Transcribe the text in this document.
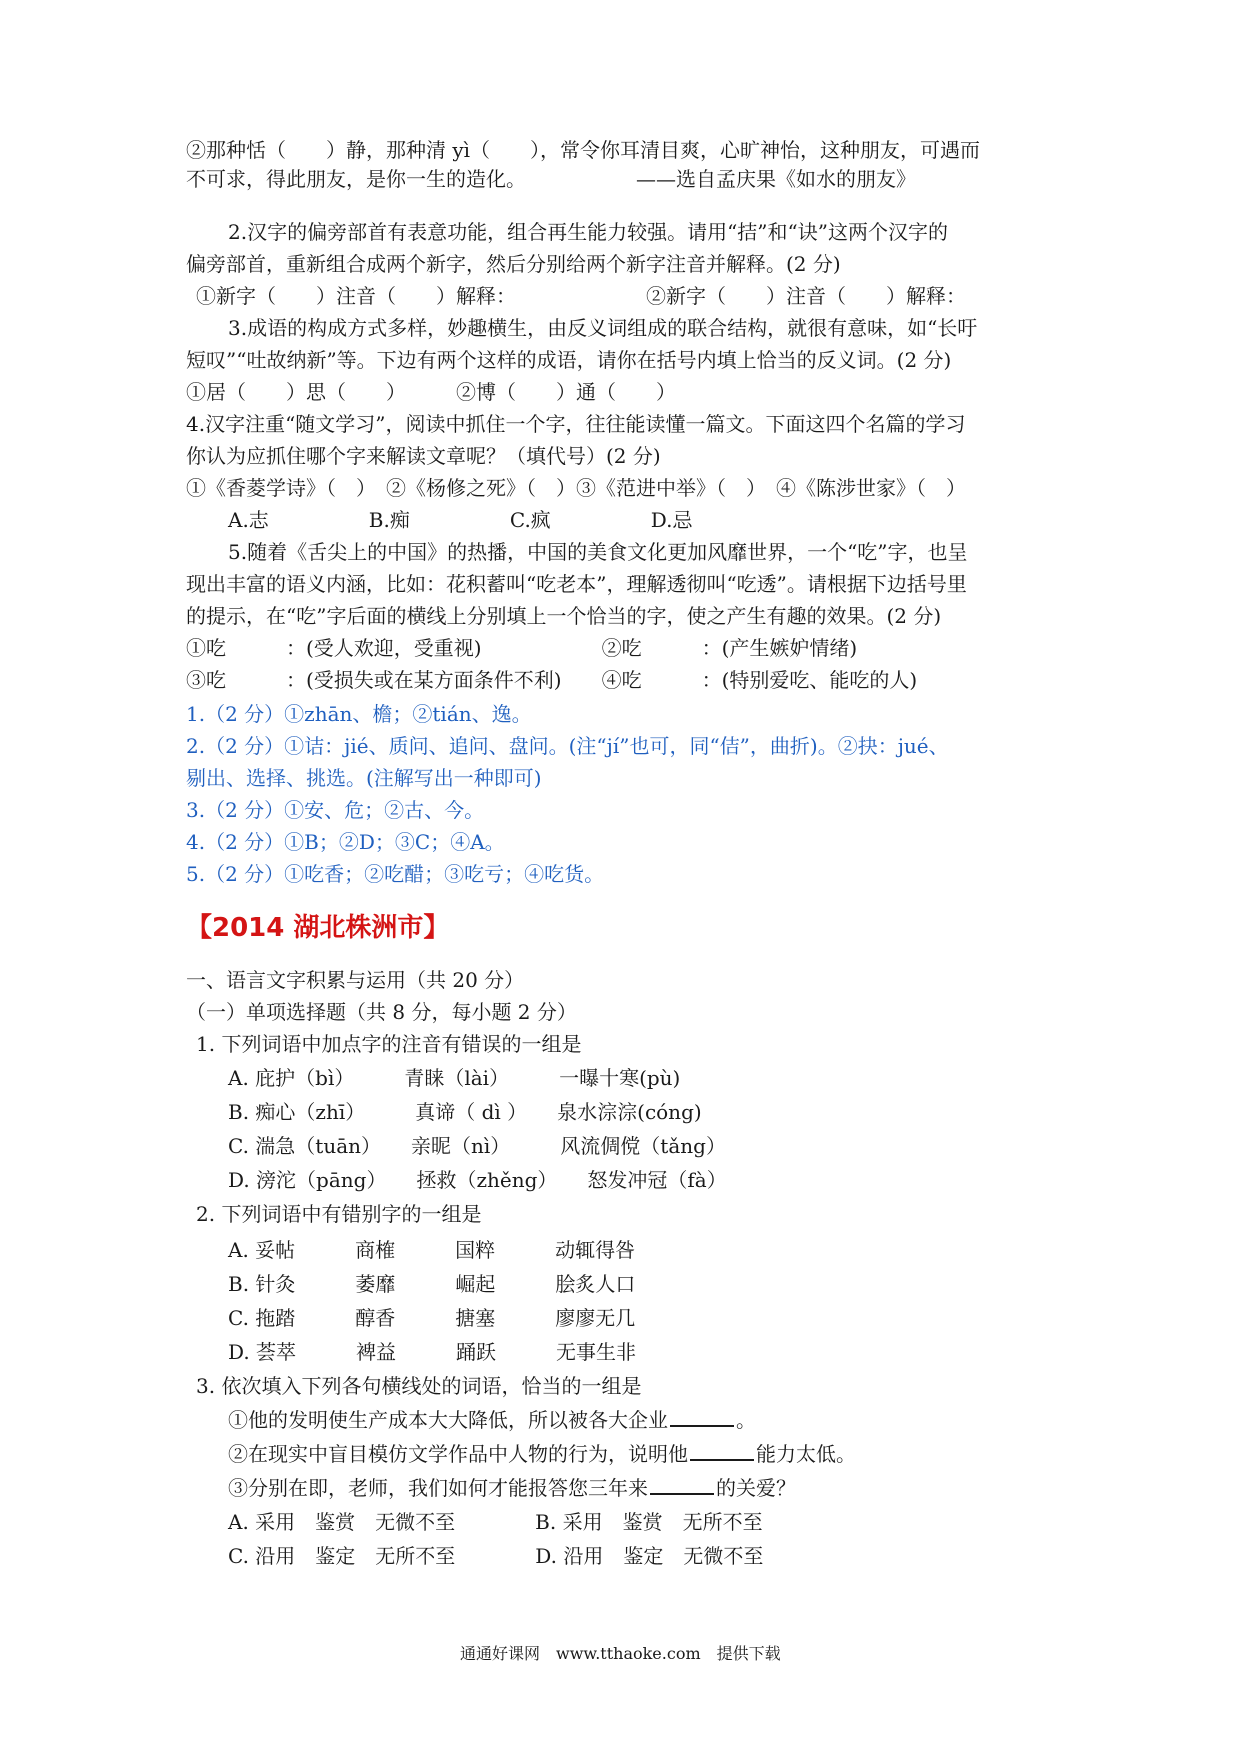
②那种恬（　　）静，那种清 yì（　　），常令你耳清目爽，心旷神怡，这种朋友，可遇而
不可求，得此朋友，是你一生的造化。　　　　　　——选自孟庆果《如水的朋友》
2.汉字的偏旁部首有表意功能，组合再生能力较强。请用“拮”和“诀”这两个汉字的
偏旁部首，重新组合成两个新字，然后分别给两个新字注音并解释。(2 分)
①新字（　　）注音（　　）解释：　　　　　　　②新字（　　）注音（　　）解释：
3.成语的构成方式多样，妙趣横生，由反义词组成的联合结构，就很有意味，如“长吁
短叹”“吐故纳新”等。下边有两个这样的成语，请你在括号内填上恰当的反义词。(2 分)
①居（　　）思（　　）　　　②博（　　）通（　　）
4.汉字注重“随文学习”，阅读中抓住一个字，往往能读懂一篇文。下面这四个名篇的学习
你认为应抓住哪个字来解读文章呢？（填代号）(2 分)
①《香菱学诗》（　）　②《杨修之死》（　）③《范进中举》（　）　④《陈涉世家》（　）
A.志　　　　　B.痴　　　　　C.疯　　　　　D.忌
5.随着《舌尖上的中国》的热播，中国的美食文化更加风靡世界，一个“吃”字，也呈
现出丰富的语义内涵，比如：花积蓄叫“吃老本”，理解透彻叫“吃透”。请根据下边括号里
的提示，在“吃”字后面的横线上分别填上一个恰当的字，使之产生有趣的效果。(2 分)
①吃　　　：(受人欢迎，受重视)　　　　　　②吃　　　：(产生嫉妒情绪)
③吃　　　：(受损失或在某方面条件不利)　　④吃　　　：(特别爱吃、能吃的人)
1.（2 分）①zhān、檐；②tián、逸。
2.（2 分）①诘：jié、质问、追问、盘问。(注“jí”也可，同“佶”，曲折)。②抉：jué、
剔出、选择、挑选。(注解写出一种即可)
3.（2 分）①安、危；②古、今。
4.（2 分）①B；②D；③C；④A。
5.（2 分）①吃香；②吃醋；③吃亏；④吃货。
【2014 湖北株洲市】
一、语言文字积累与运用（共 20 分）
（一）单项选择题（共 8 分，每小题 2 分）
1. 下列词语中加点字的注音有错误的一组是
A. 庇护（bì）　　　青睐（lài）　　　一曝十寒(pù)
B. 痴心（zhī）　　　真谛（ dì ）　　泉水淙淙(cóng)
C. 湍急（tuān）　　亲昵（nì）　　　风流倜傥（tǎng）
D. 滂沱（pāng）　　拯救（zhěng）　　怒发冲冠（fà）
2. 下列词语中有错别字的一组是
A. 妥帖　　　商榷　　　国粹　　　动辄得咎
B. 针灸　　　萎靡　　　崛起　　　脍炙人口
C. 拖踏　　　醇香　　　搪塞　　　廖廖无几
D. 荟萃　　　裨益　　　踊跃　　　无事生非
3. 依次填入下列各句横线处的词语，恰当的一组是
①他的发明使生产成本大大降低，所以被各大企业	。
②在现实中盲目模仿文学作品中人物的行为，说明他	能力太低。
③分别在即，老师，我们如何才能报答您三年来	的关爱？
A. 采用　鉴赏　无微不至　　　　B. 采用　鉴赏　无所不至
C. 沿用　鉴定　无所不至　　　　D. 沿用　鉴定　无微不至
通通好课网　www.tthaoke.com　提供下载
